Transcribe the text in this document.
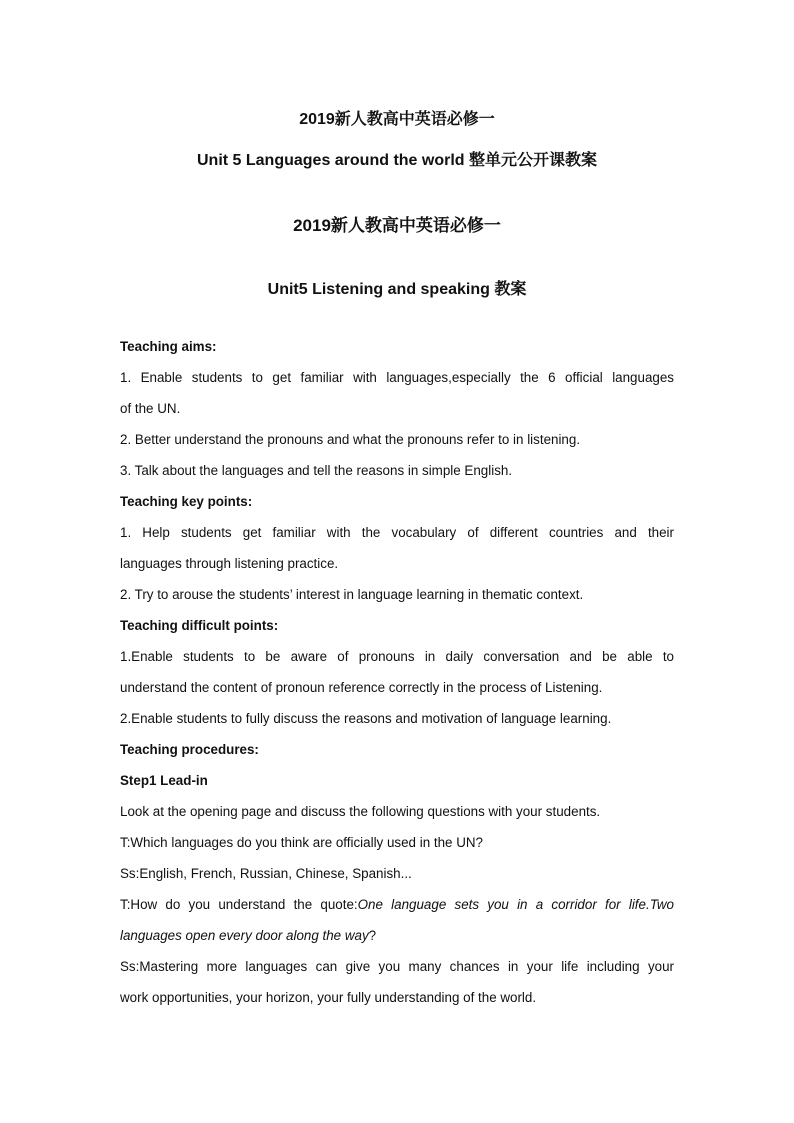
2019新人教高中英语必修一
Unit 5 Languages around the world 整单元公开课教案
2019新人教高中英语必修一
Unit5 Listening and speaking 教案
Teaching aims:
1. Enable students to get familiar with languages,especially the 6 official languages
of the UN.
2. Better understand the pronouns and what the pronouns refer to in listening.
3. Talk about the languages and tell the reasons in simple English.
Teaching key points:
1. Help students get familiar with the vocabulary of different countries and their
languages through listening practice.
2. Try to arouse the students’ interest in language learning in thematic context.
Teaching difficult points:
1.Enable students to be aware of pronouns in daily conversation and be able to
understand the content of pronoun reference correctly in the process of Listening.
2.Enable students to fully discuss the reasons and motivation of language learning.
Teaching procedures:
Step1 Lead-in
Look at the opening page and discuss the following questions with your students.
T:Which languages do you think are officially used in the UN?
Ss:English, French, Russian, Chinese, Spanish...
T:How do you understand the quote:One language sets you in a corridor for life.Two
languages open every door along the way?
Ss:Mastering more languages can give you many chances in your life including your
work opportunities, your horizon, your fully understanding of the world.
